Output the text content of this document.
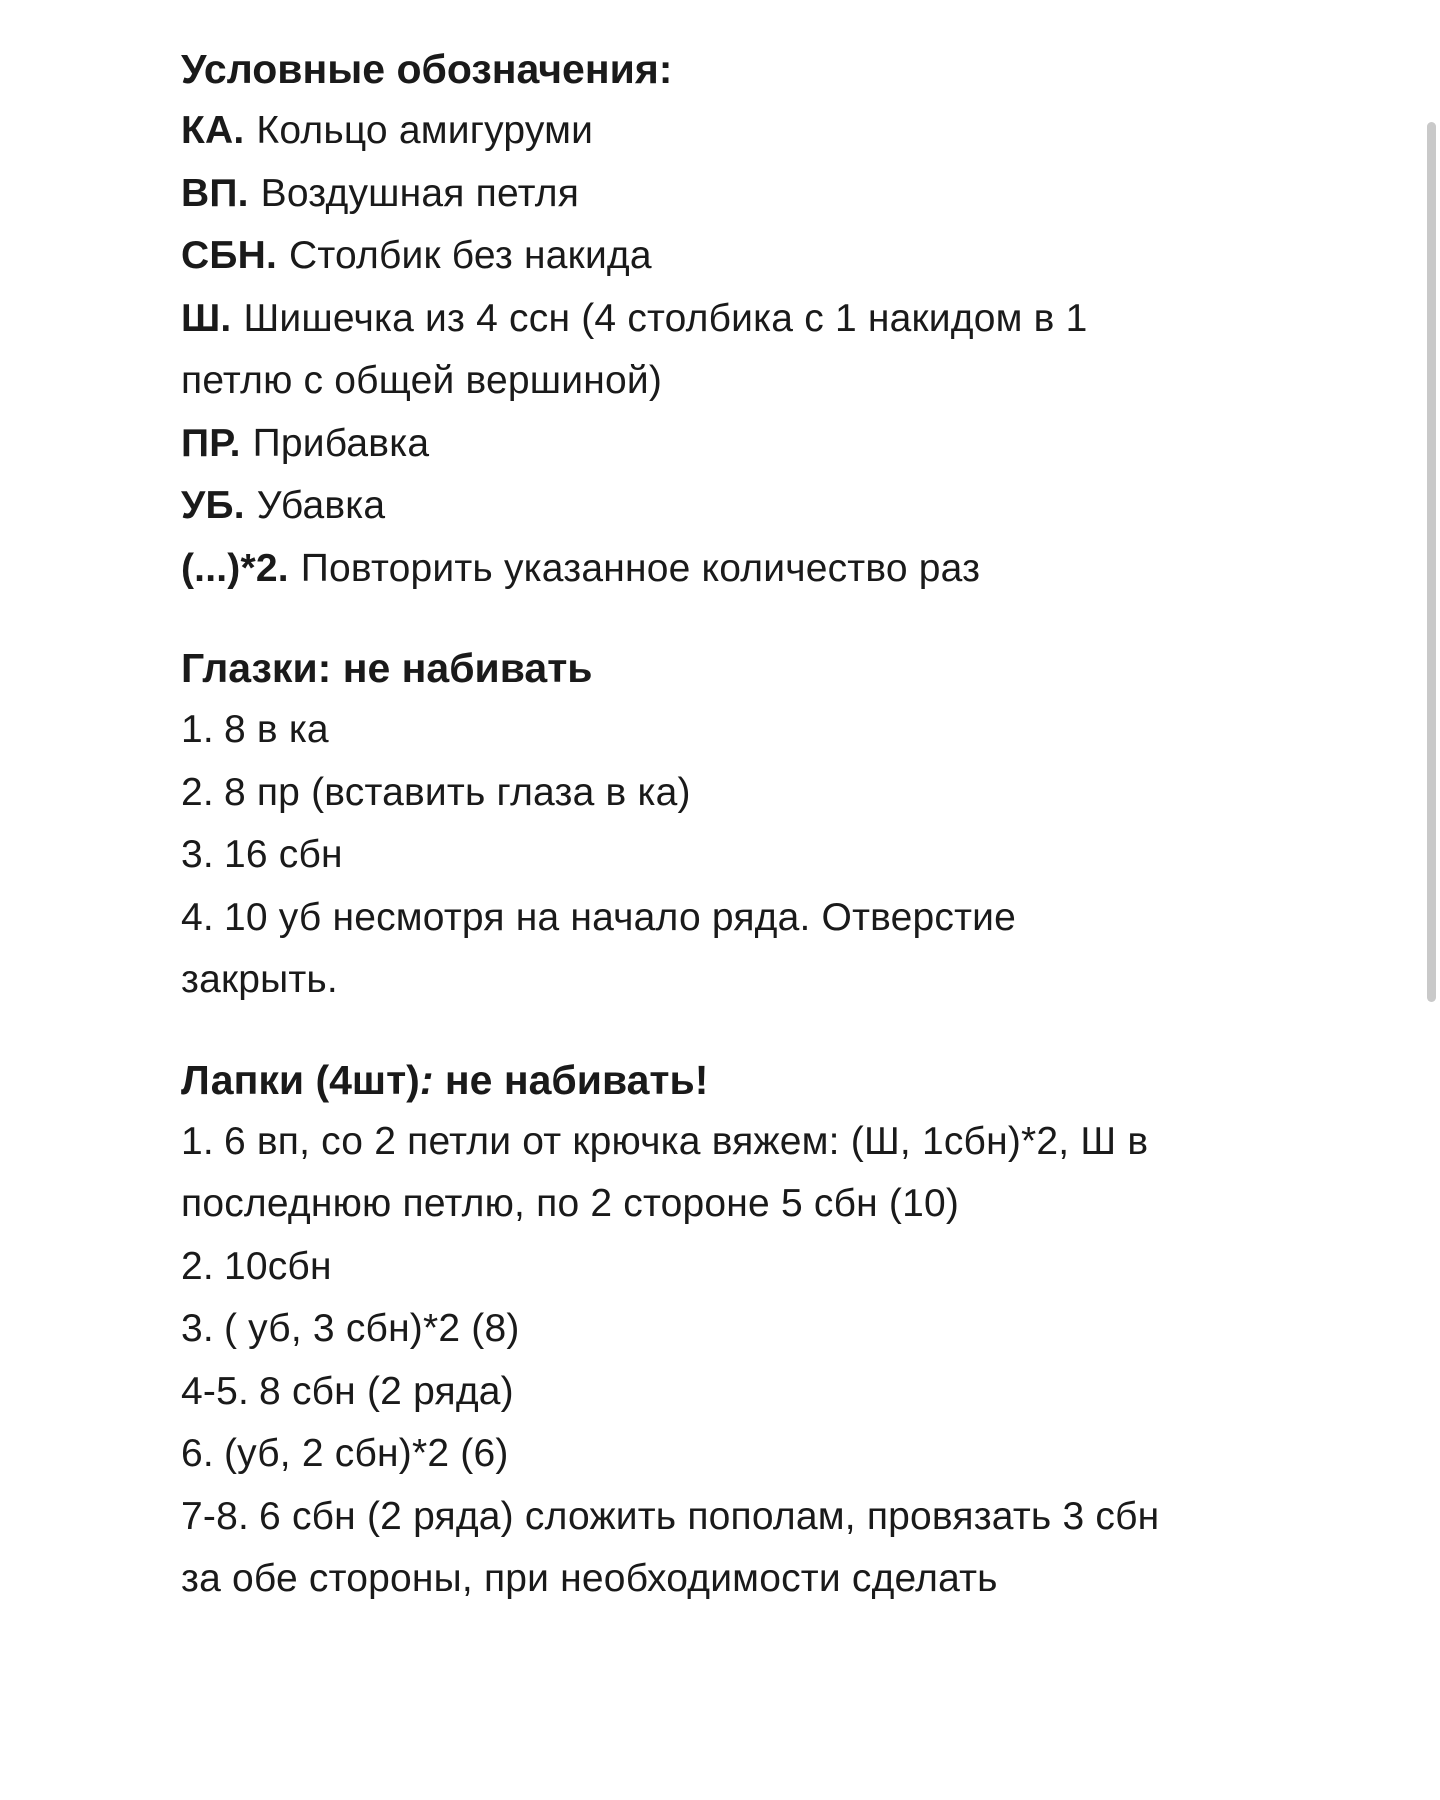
Условные обозначения:

КА. Кольцо амигуруми

ВП. Воздушная петля

СБН. Столбик без накида

Ш. Шишечка из 4 ссн (4 столбика с 1 накидом в 1 петлю с общей вершиной)

ПР. Прибавка

УБ. Убавка

(...)*2. Повторить указанное количество раз

Глазки: не набивать

1. 8 в ка

2. 8 пр (вставить глаза в ка)

3. 16 сбн

4. 10 уб несмотря на начало ряда. Отверстие закрыть.

Лапки (4шт): не набивать!

1. 6 вп, со 2 петли от крючка вяжем: (Ш, 1сбн)*2, Ш в последнюю петлю, по 2 стороне 5 сбн (10)

2. 10сбн

3. ( уб, 3 сбн)*2 (8)

4-5. 8 сбн (2 ряда)

6. (уб, 2 сбн)*2 (6)

7-8. 6 сбн (2 ряда) сложить пополам, провязать 3 сбн за обе стороны, при необходимости сделать
